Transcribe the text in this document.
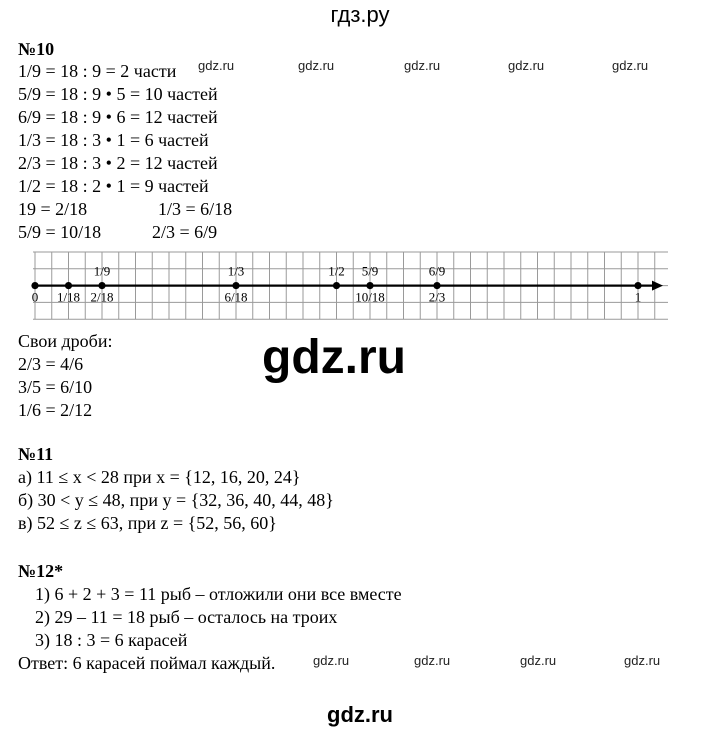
гдз.ру
№10
1/9 = 18 : 9 = 2 части
5/9 = 18 : 9 • 5 = 10 частей
6/9 = 18 : 9 • 6 = 12 частей
1/3 = 18 : 3 • 1 = 6 частей
2/3 = 18 : 3 • 2 = 12 частей
1/2 = 18 : 2 • 1 = 9 частей
19 = 2/18	1/3 = 6/18
5/9 = 10/18	2/3 = 6/9
gdz.ru	gdz.ru	gdz.ru	gdz.ru	gdz.ru
0 1/18
1/9
2/18
1/3
6/18
1/2 5/9
10/18
6/9
2/3	1
Свои дроби:
2/3 = 4/6
3/5 = 6/10
1/6 = 2/12
gdz.ru
№11
а) 11 ≤ x < 28 при x = {12, 16, 20, 24}
б) 30 < y ≤ 48, при y = {32, 36, 40, 44, 48}
в) 52 ≤ z ≤ 63, при z = {52, 56, 60}
№12*
1) 6 + 2 + 3 = 11 рыб – отложили они все вместе
2) 29 – 11 = 18 рыб – осталось на троих
3) 18 : 3 = 6 карасей
Ответ: 6 карасей поймал каждый.	gdz.ru	gdz.ru	gdz.ru	gdz.ru
gdz.ru
